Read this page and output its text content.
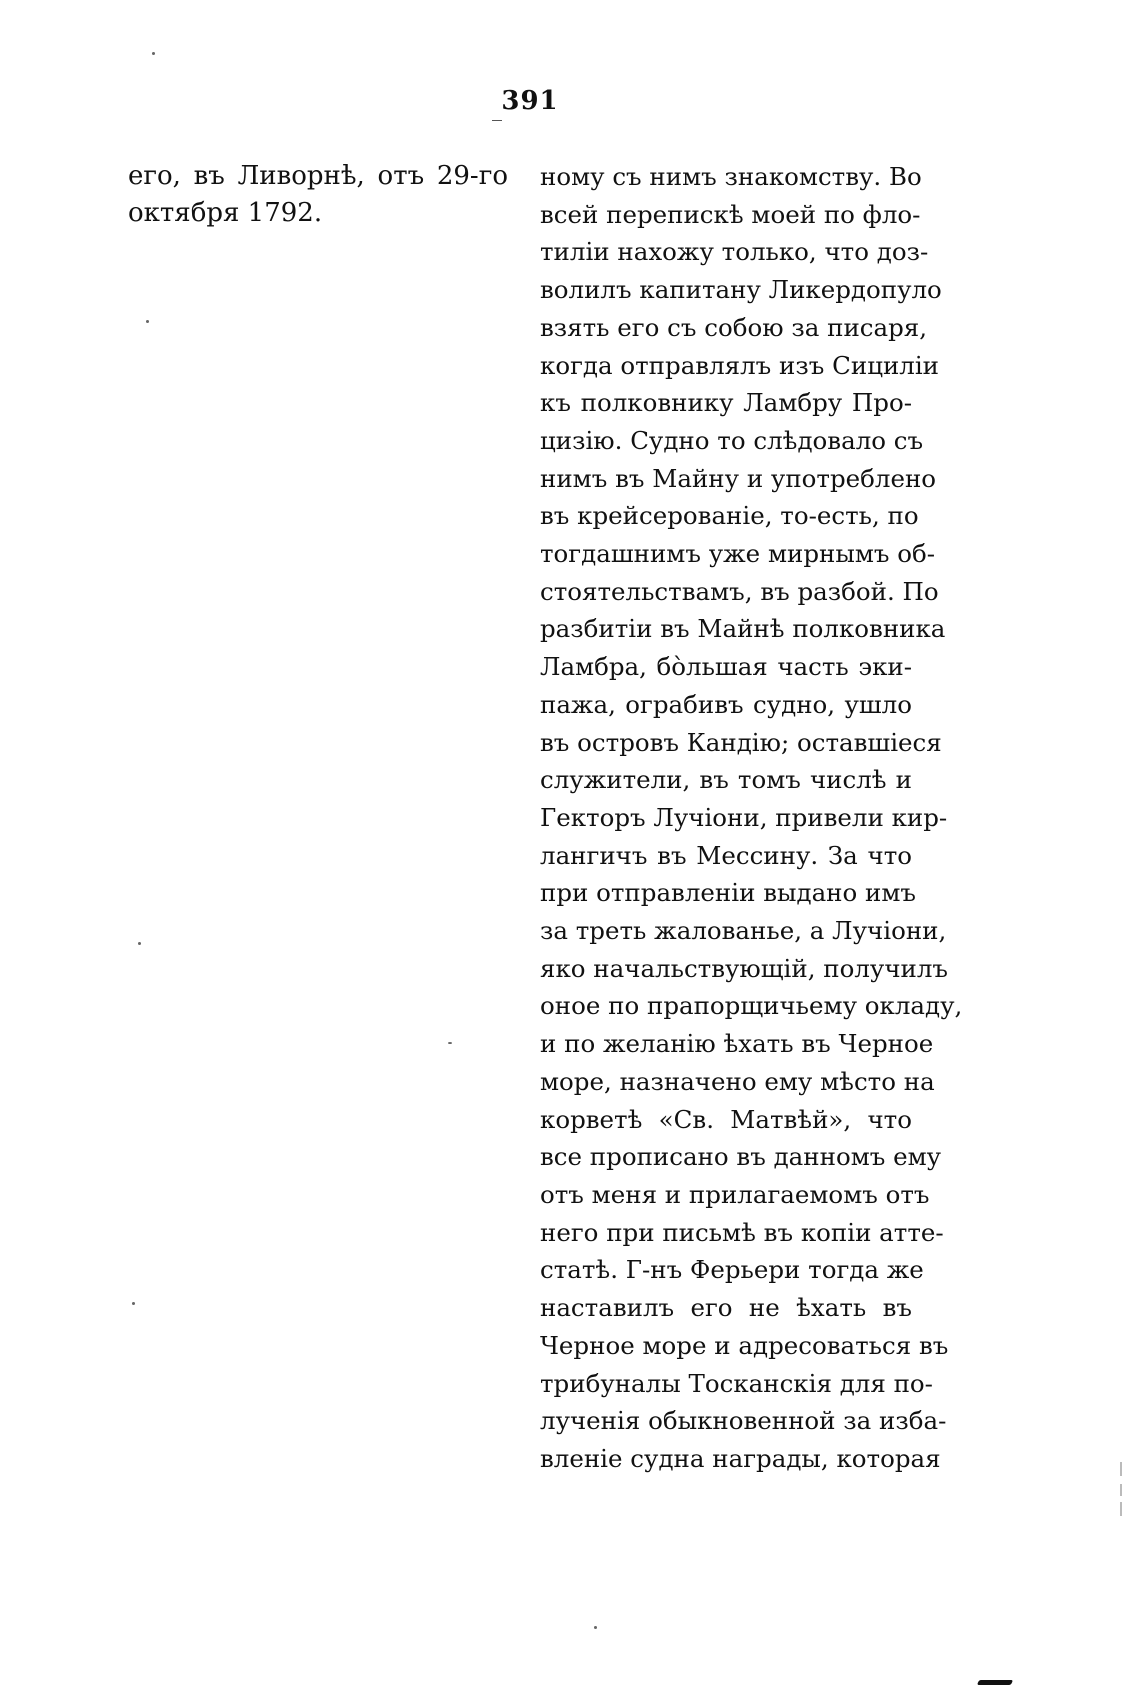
391
его, въ Ливорнѣ, отъ 29-го
октября 1792.
ному съ нимъ знакомству. Во
всей перепискѣ моей по фло-
тиліи нахожу только, что доз-
волилъ капитану Ликердопуло
взять его съ собою за писаря,
когда отправлялъ изъ Сициліи
къ полковнику Ламбру Про-
цизію. Судно то слѣдовало съ
нимъ въ Майну и употреблено
въ крейсерованіе, то-есть, по
тогдашнимъ уже мирнымъ об-
стоятельствамъ, въ разбой. По
разбитіи въ Майнѣ полковника
Ламбра, бо̀льшая часть эки-
пажа, ограбивъ судно, ушло
въ островъ Кандію; оставшіеся
служители, въ томъ числѣ и
Гекторъ Лучіони, привели кир-
лангичъ въ Мессину. За что
при отправленіи выдано имъ
за треть жалованье, а Лучіони,
яко начальствующій, получилъ
оное по прапорщичьему окладу,
и по желанію ѣхать въ Черное
море, назначено ему мѣсто на
корветѣ «Св. Матвѣй», что
все прописано въ данномъ ему
отъ меня и прилагаемомъ отъ
него при письмѣ въ копіи атте-
статѣ. Г-нъ Ферьери тогда же
наставилъ его не ѣхать въ
Черное море и адресоваться въ
трибуналы Тосканскія для по-
лученія обыкновенной за изба-
вленіе судна награды, которая
